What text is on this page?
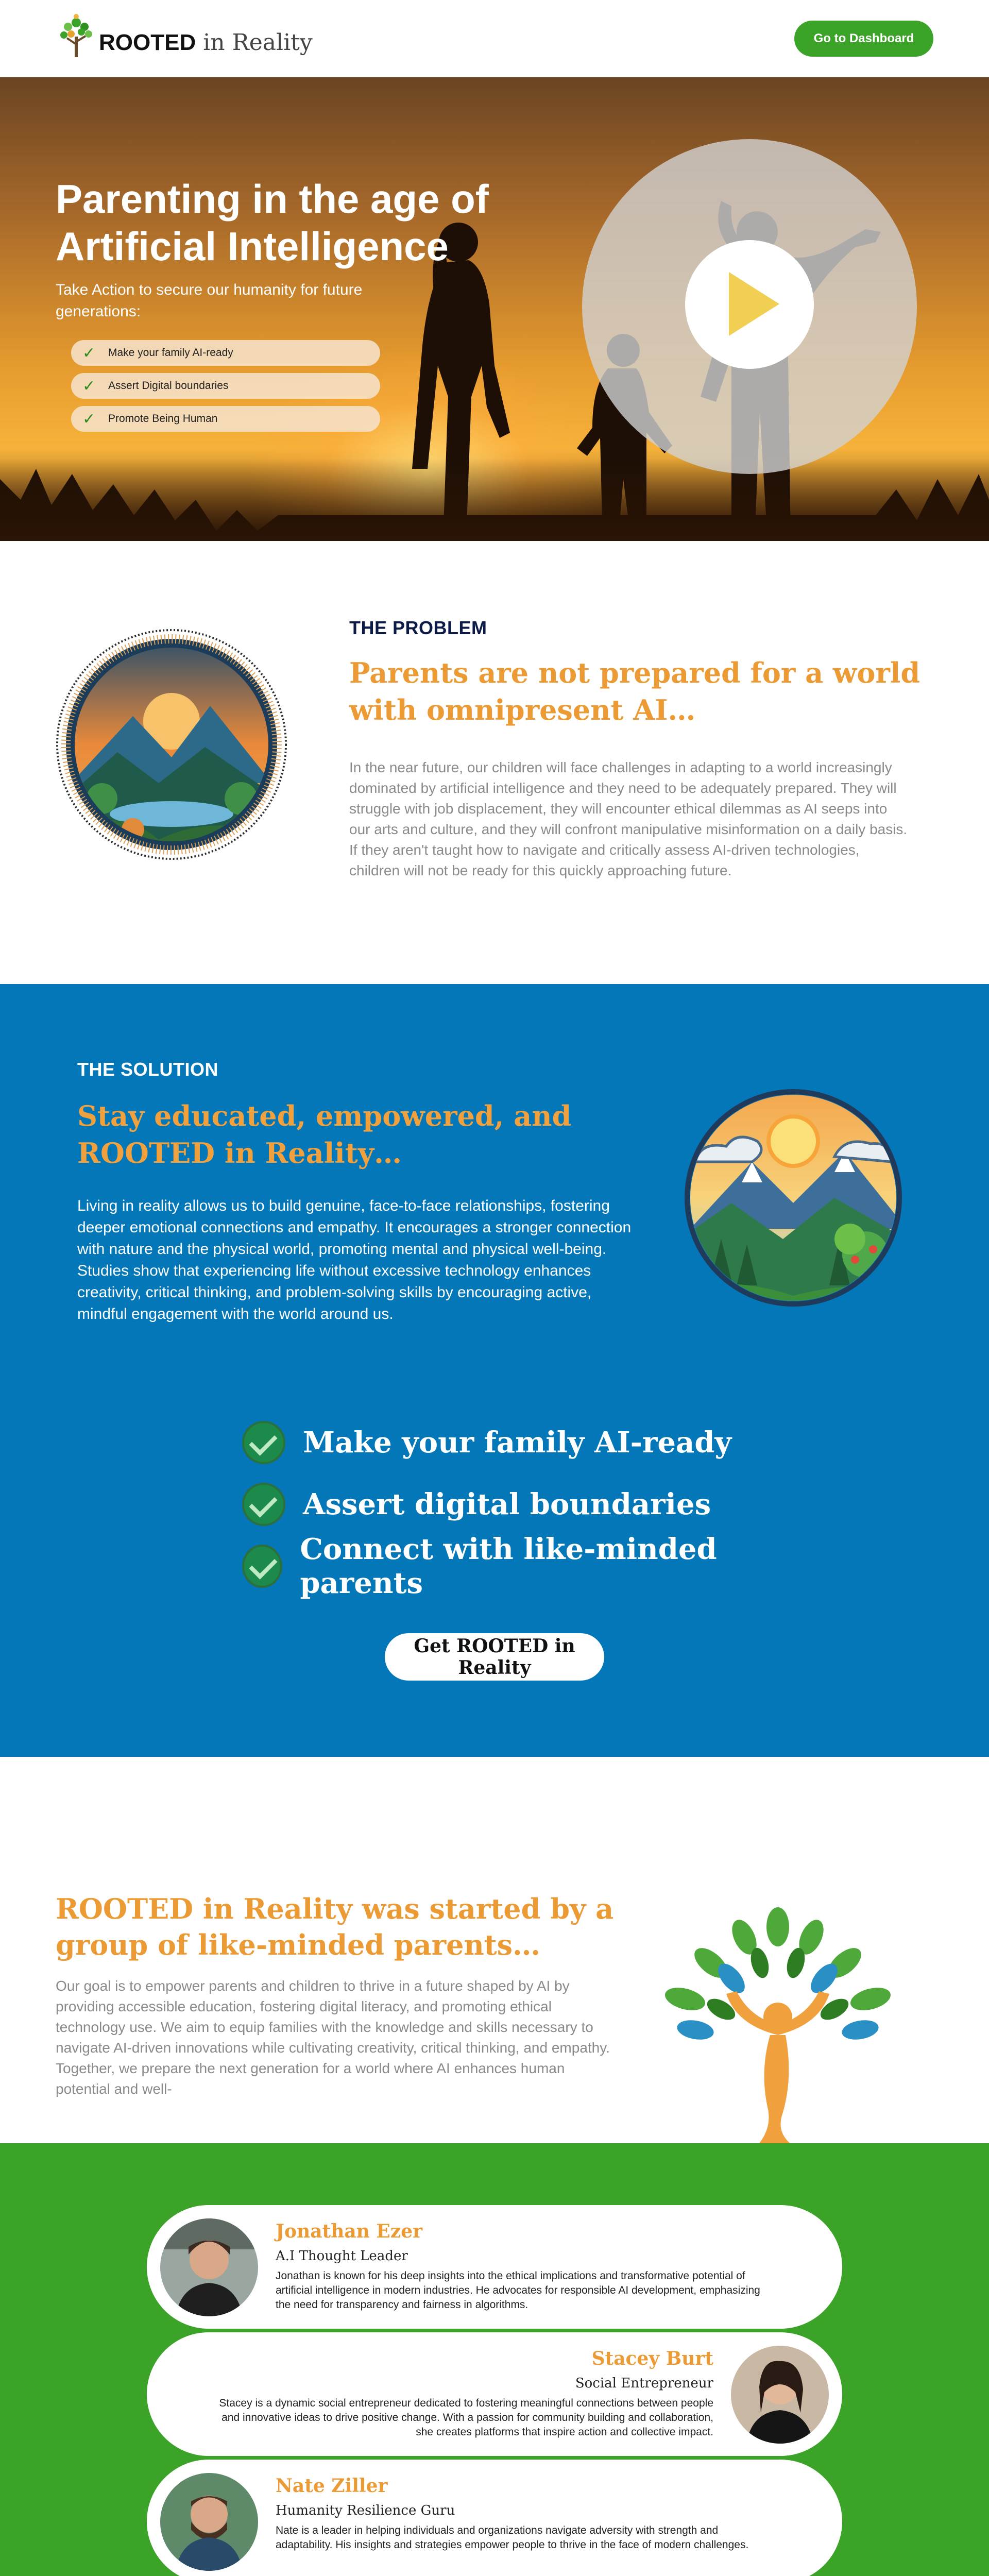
ROOTED in Reality	Go to Dashboard
Parenting in the age of Artificial Intelligence

Take Action to secure our humanity for future generations:

✓	Make your family AI-ready
✓	Assert Digital boundaries
✓	Promote Being Human
THE PROBLEM
Parents are not prepared for a world with omnipresent AI…

In the near future, our children will face challenges in adapting to a world increasingly dominated by artificial intelligence and they need to be adequately prepared. They will struggle with job displacement, they will encounter ethical dilemmas as AI seeps into our arts and culture, and they will confront manipulative misinformation on a daily basis. If they aren't taught how to navigate and critically assess AI-driven technologies, children will not be ready for this quickly approaching future.

THE SOLUTION
Stay educated, empowered, and ROOTED in Reality…

Living in reality allows us to build genuine, face-to-face relationships, fostering deeper emotional connections and empathy. It encourages a stronger connection with nature and the physical world, promoting mental and physical well-being. Studies show that experiencing life without excessive technology enhances creativity, critical thinking, and problem-solving skills by encouraging active, mindful engagement with the world around us.

Make your family AI-ready
Assert digital boundaries
Connect with like-minded parents
Get ROOTED in Reality
ROOTED in Reality was started by a group of like-minded parents…

Our goal is to empower parents and children to thrive in a future shaped by AI by providing accessible education, fostering digital literacy, and promoting ethical technology use. We aim to equip families with the knowledge and skills necessary to navigate AI-driven innovations while cultivating creativity, critical thinking, and empathy. Together, we prepare the next generation for a world where AI enhances human potential and well-

Jonathan Ezer
A.I Thought Leader
Jonathan is known for his deep insights into the ethical implications and transformative potential of artificial intelligence in modern industries. He advocates for responsible AI development, emphasizing the need for transparency and fairness in algorithms.
Stacey Burt
Social Entrepreneur
Stacey is a dynamic social entrepreneur dedicated to fostering meaningful connections between people and innovative ideas to drive positive change. With a passion for community building and collaboration, she creates platforms that inspire action and collective impact.
Nate Ziller
Humanity Resilience Guru
Nate is a leader in helping individuals and organizations navigate adversity with strength and adaptability. His insights and strategies empower people to thrive in the face of modern challenges.
